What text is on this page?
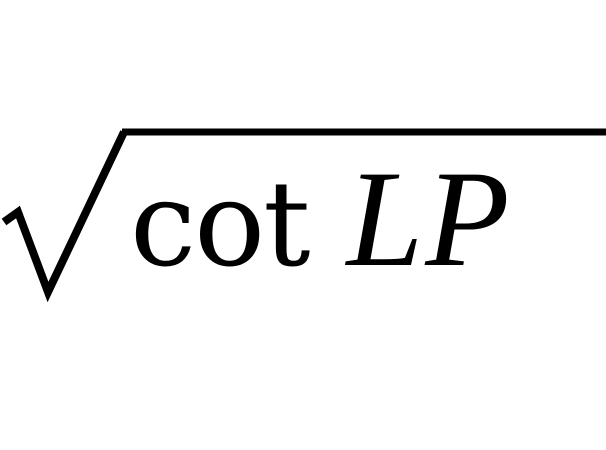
cot LP
